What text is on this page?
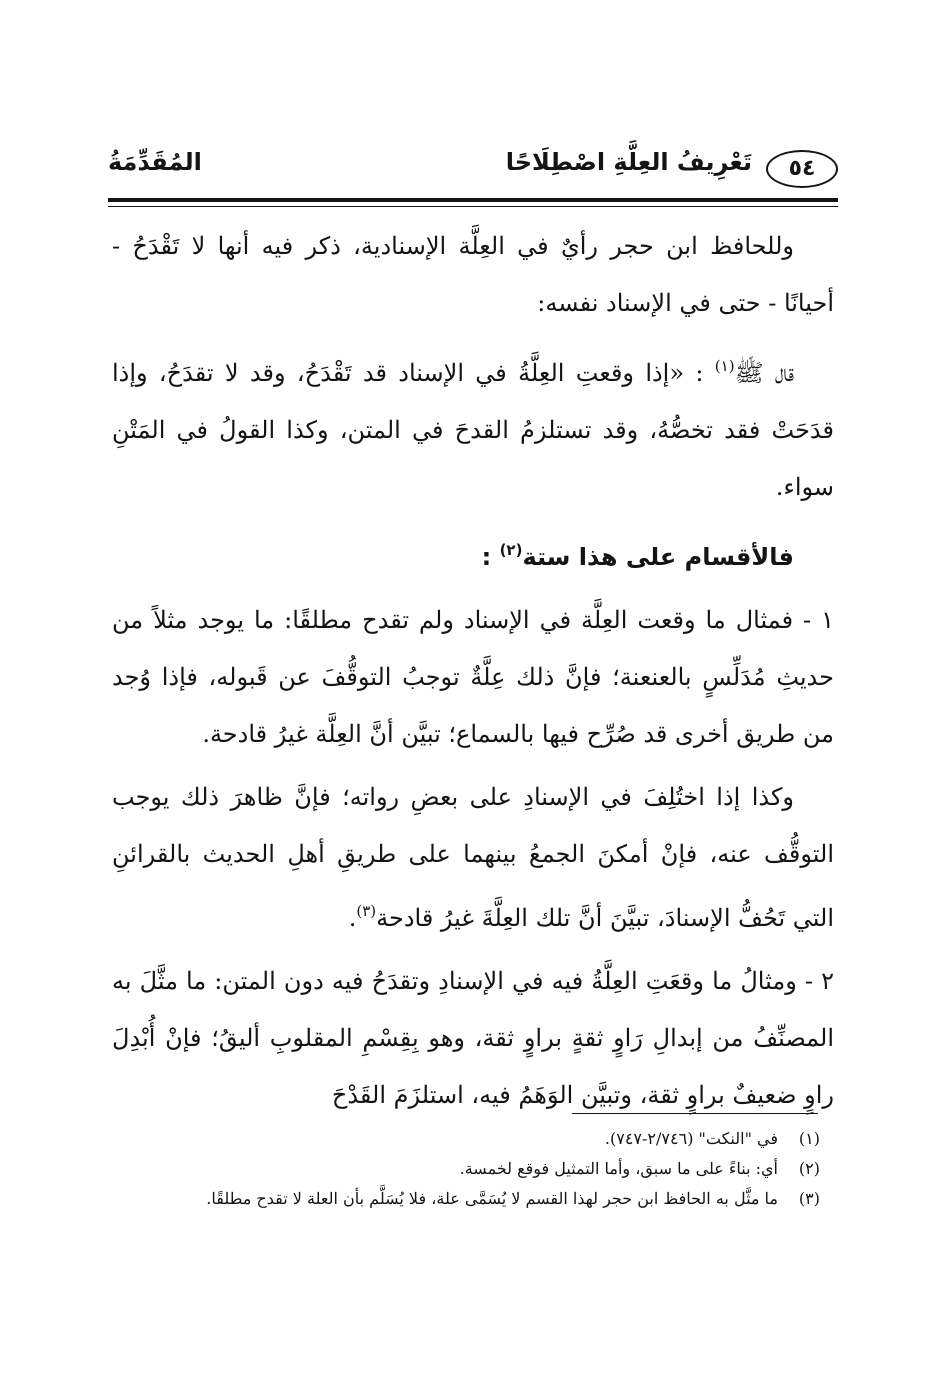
٥٤
تَعْرِيفُ العِلَّةِ اصْطِلَاحًا
المُقَدِّمَةُ

وللحافظ ابن حجر رأيٌ في العِلَّة الإسنادية، ذكر فيه أنها لا تَقْدَحُ - أحيانًا - حتى في الإسناد نفسه:

قال ﷺ$^{(١)}$ : «إذا وقعتِ العِلَّةُ في الإسناد قد تَقْدَحُ، وقد لا تقدَحُ، وإذا قدَحَتْ فقد تخصُّهُ، وقد تستلزمُ القدحَ في المتن، وكذا القولُ في المَتْنِ سواء.

فالأقسام على هذا ستة$^{(٢)}$ :

١ - فمثال ما وقعت العِلَّة في الإسناد ولم تقدح مطلقًا: ما يوجد مثلاً من حديثِ مُدَلِّسٍ بالعنعنة؛ فإنَّ ذلك عِلَّةٌ توجبُ التوقُّفَ عن قَبوله، فإذا وُجد من طريق أخرى قد صُرِّح فيها بالسماع؛ تبيَّن أنَّ العِلَّة غيرُ قادحة.

وكذا إذا اختُلِفَ في الإسنادِ على بعضِ رواته؛ فإنَّ ظاهرَ ذلك يوجب التوقُّف عنه، فإنْ أمكنَ الجمعُ بينهما على طريقِ أهلِ الحديث بالقرائنِ التي تَحُفُّ الإسنادَ، تبيَّنَ أنَّ تلك العِلَّةَ غيرُ قادحة$^{(٣)}$.

٢ - ومثالُ ما وقعَتِ العِلَّةُ فيه في الإسنادِ وتقدَحُ فيه دون المتن: ما مثَّلَ به المصنِّفُ من إبدالِ رَاوٍ ثقةٍ براوٍ ثقة، وهو بِقِسْمِ المقلوبِ أليقُ؛ فإنْ أُبْدِلَ راوٍ ضعيفٌ براوٍ ثقة، وتبيَّن الوَهَمُ فيه، استلزَمَ القَدْحَ

(١)
في "النكت" (٢/٧٤٦-٧٤٧).
(٢)
أي: بناءً على ما سبق، وأما التمثيل فوقع لخمسة.
(٣)
ما مثَّل به الحافظ ابن حجر لهذا القسم لا يُسَمَّى علة، فلا يُسَلَّم بأن العلة لا تقدح مطلقًا.
